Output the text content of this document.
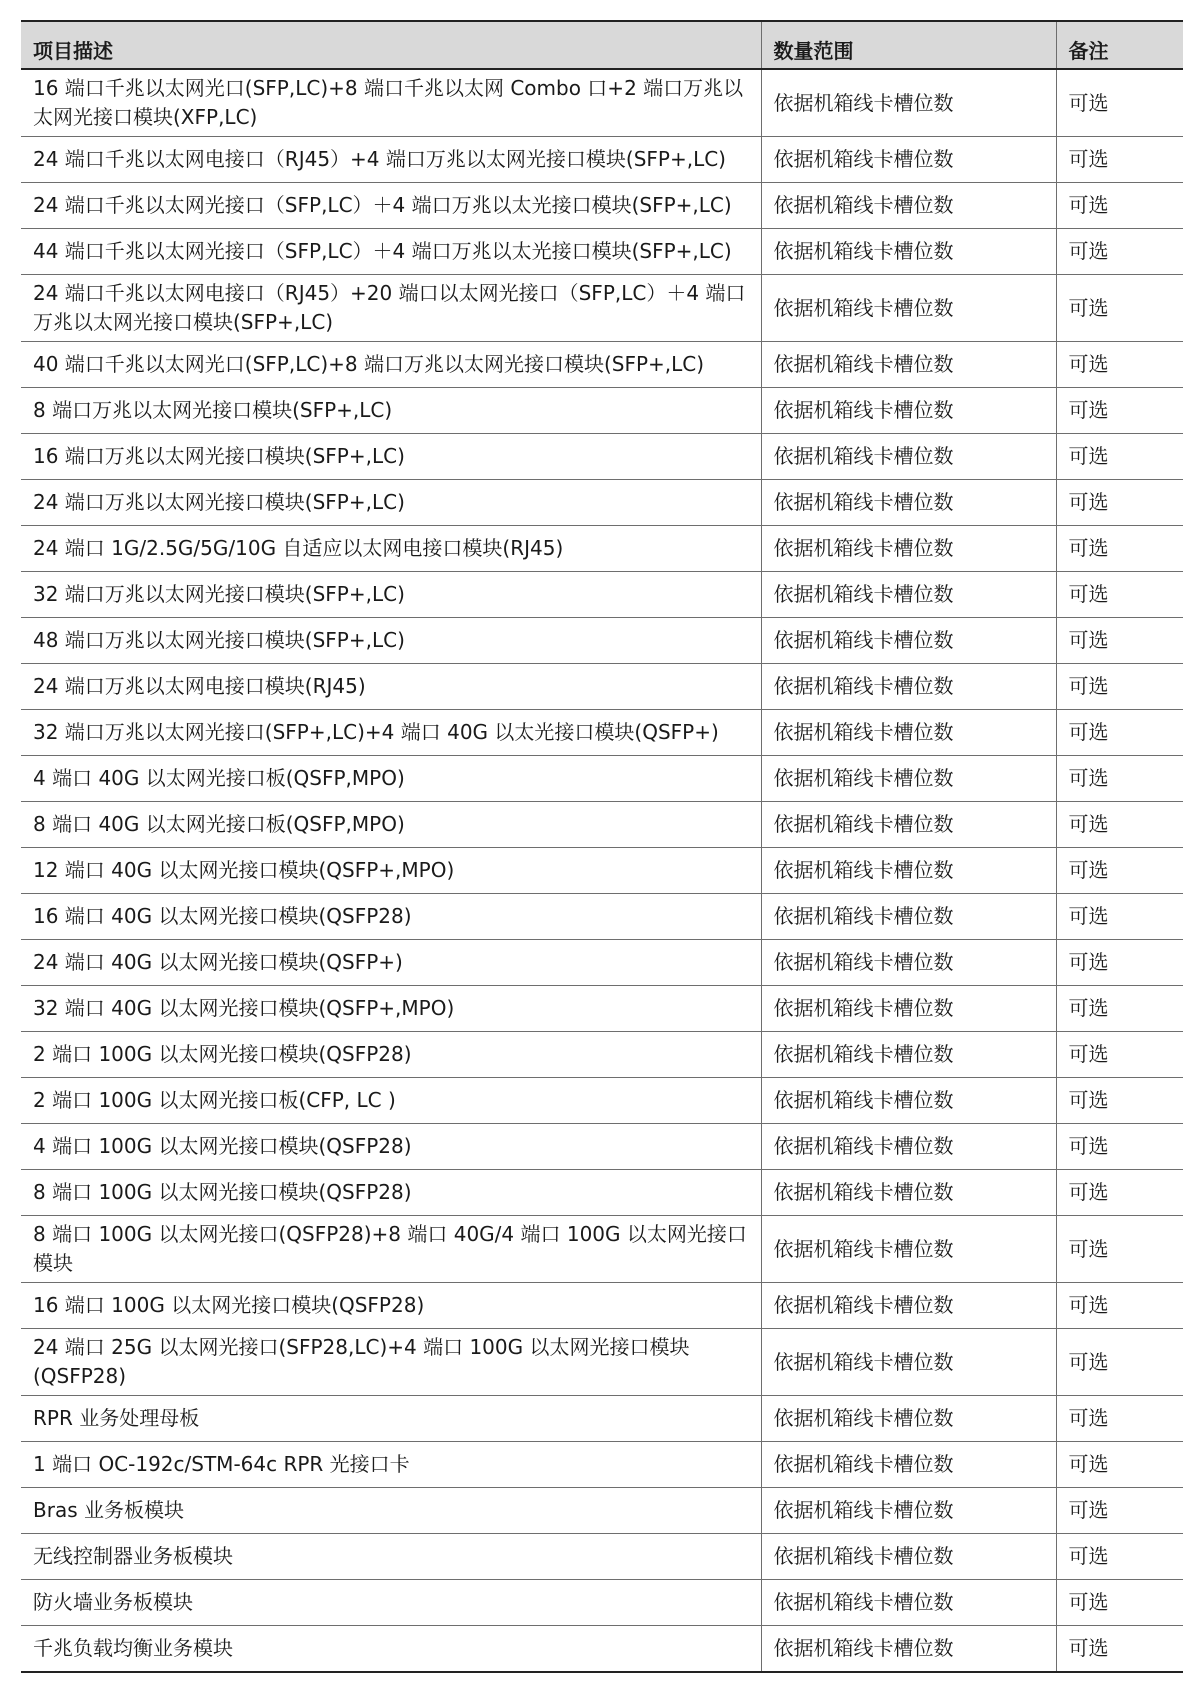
项目描述	数量范围	备注
16 端口千兆以太网光口(SFP,LC)+8 端口千兆以太网 Combo 口+2 端口万兆以太网光接口模块(XFP,LC)	依据机箱线卡槽位数	可选
24 端口千兆以太网电接口（RJ45）+4 端口万兆以太网光接口模块(SFP+,LC)	依据机箱线卡槽位数	可选
24 端口千兆以太网光接口（SFP,LC）＋4 端口万兆以太光接口模块(SFP+,LC)	依据机箱线卡槽位数	可选
44 端口千兆以太网光接口（SFP,LC）＋4 端口万兆以太光接口模块(SFP+,LC)	依据机箱线卡槽位数	可选
24 端口千兆以太网电接口（RJ45）+20 端口以太网光接口（SFP,LC）＋4 端口万兆以太网光接口模块(SFP+,LC)	依据机箱线卡槽位数	可选
40 端口千兆以太网光口(SFP,LC)+8 端口万兆以太网光接口模块(SFP+,LC)	依据机箱线卡槽位数	可选
8 端口万兆以太网光接口模块(SFP+,LC)	依据机箱线卡槽位数	可选
16 端口万兆以太网光接口模块(SFP+,LC)	依据机箱线卡槽位数	可选
24 端口万兆以太网光接口模块(SFP+,LC)	依据机箱线卡槽位数	可选
24 端口 1G/2.5G/5G/10G 自适应以太网电接口模块(RJ45)	依据机箱线卡槽位数	可选
32 端口万兆以太网光接口模块(SFP+,LC)	依据机箱线卡槽位数	可选
48 端口万兆以太网光接口模块(SFP+,LC)	依据机箱线卡槽位数	可选
24 端口万兆以太网电接口模块(RJ45)	依据机箱线卡槽位数	可选
32 端口万兆以太网光接口(SFP+,LC)+4 端口 40G 以太光接口模块(QSFP+)	依据机箱线卡槽位数	可选
4 端口 40G 以太网光接口板(QSFP,MPO)	依据机箱线卡槽位数	可选
8 端口 40G 以太网光接口板(QSFP,MPO)	依据机箱线卡槽位数	可选
12 端口 40G 以太网光接口模块(QSFP+,MPO)	依据机箱线卡槽位数	可选
16 端口 40G 以太网光接口模块(QSFP28)	依据机箱线卡槽位数	可选
24 端口 40G 以太网光接口模块(QSFP+)	依据机箱线卡槽位数	可选
32 端口 40G 以太网光接口模块(QSFP+,MPO)	依据机箱线卡槽位数	可选
2 端口 100G 以太网光接口模块(QSFP28)	依据机箱线卡槽位数	可选
2 端口 100G 以太网光接口板(CFP, LC )	依据机箱线卡槽位数	可选
4 端口 100G 以太网光接口模块(QSFP28)	依据机箱线卡槽位数	可选
8 端口 100G 以太网光接口模块(QSFP28)	依据机箱线卡槽位数	可选
8 端口 100G 以太网光接口(QSFP28)+8 端口 40G/4 端口 100G 以太网光接口模块	依据机箱线卡槽位数	可选
16 端口 100G 以太网光接口模块(QSFP28)	依据机箱线卡槽位数	可选
24 端口 25G 以太网光接口(SFP28,LC)+4 端口 100G 以太网光接口模块(QSFP28)	依据机箱线卡槽位数	可选
RPR 业务处理母板	依据机箱线卡槽位数	可选
1 端口 OC-192c/STM-64c RPR 光接口卡	依据机箱线卡槽位数	可选
Bras 业务板模块	依据机箱线卡槽位数	可选
无线控制器业务板模块	依据机箱线卡槽位数	可选
防火墙业务板模块	依据机箱线卡槽位数	可选
千兆负载均衡业务模块	依据机箱线卡槽位数	可选
